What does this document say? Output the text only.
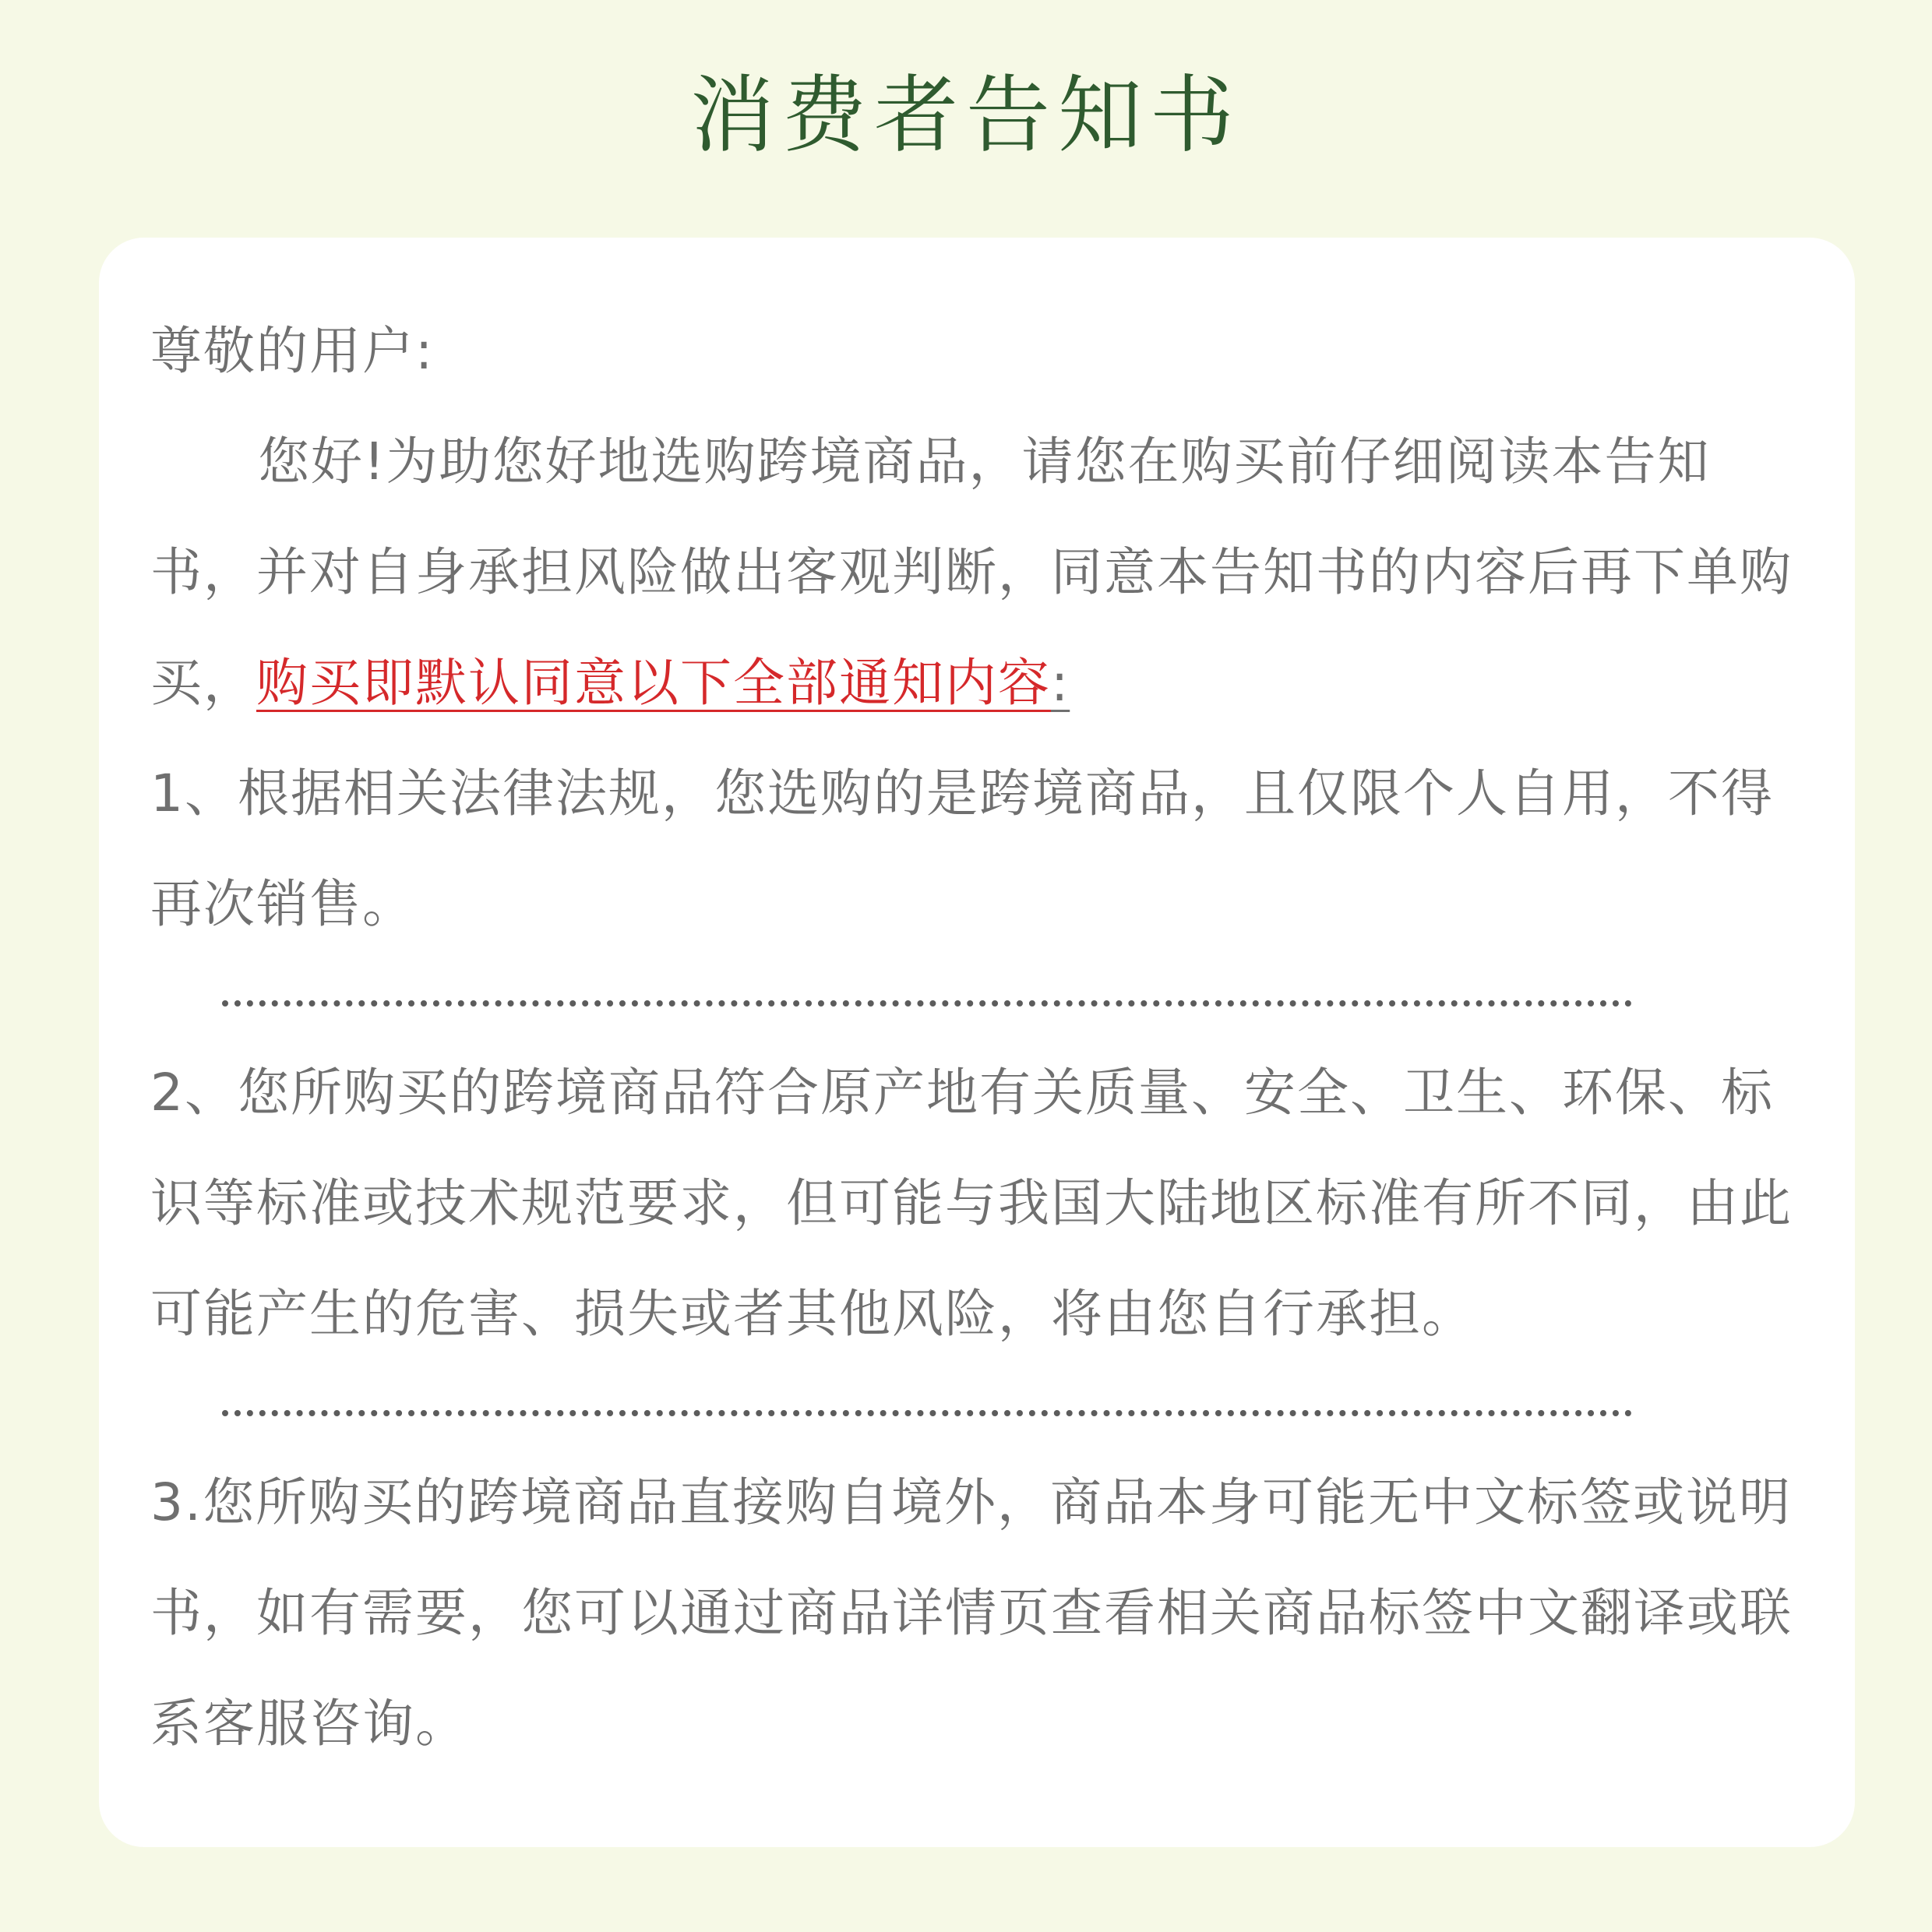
消费者告知书

尊敬的用户:

您好!为助您好地选购跨境商品，请您在购买前仔细阅读本告知书，并对自身承担风险做出客观判断，同意本告知书的内容后再下单购买，购买即默认同意以下全部通知内容:

1、根据相关法律法规，您选购的是跨境商品，且仅限个人自用，不得再次销售。

2、您所购买的跨境商品符合原产地有关质量、安全、卫生、环保、标识等标准或技术规范要求，但可能与我国大陆地区标准有所不同，由此可能产生的危害、损失或者其他风险，将由您自行承担。

3.您所购买的跨境商品直接购自境外，商品本身可能无中文标签或说明书，如有需要，您可以通过商品详情页查看相关商品标签中文翻译或联系客服咨询。
